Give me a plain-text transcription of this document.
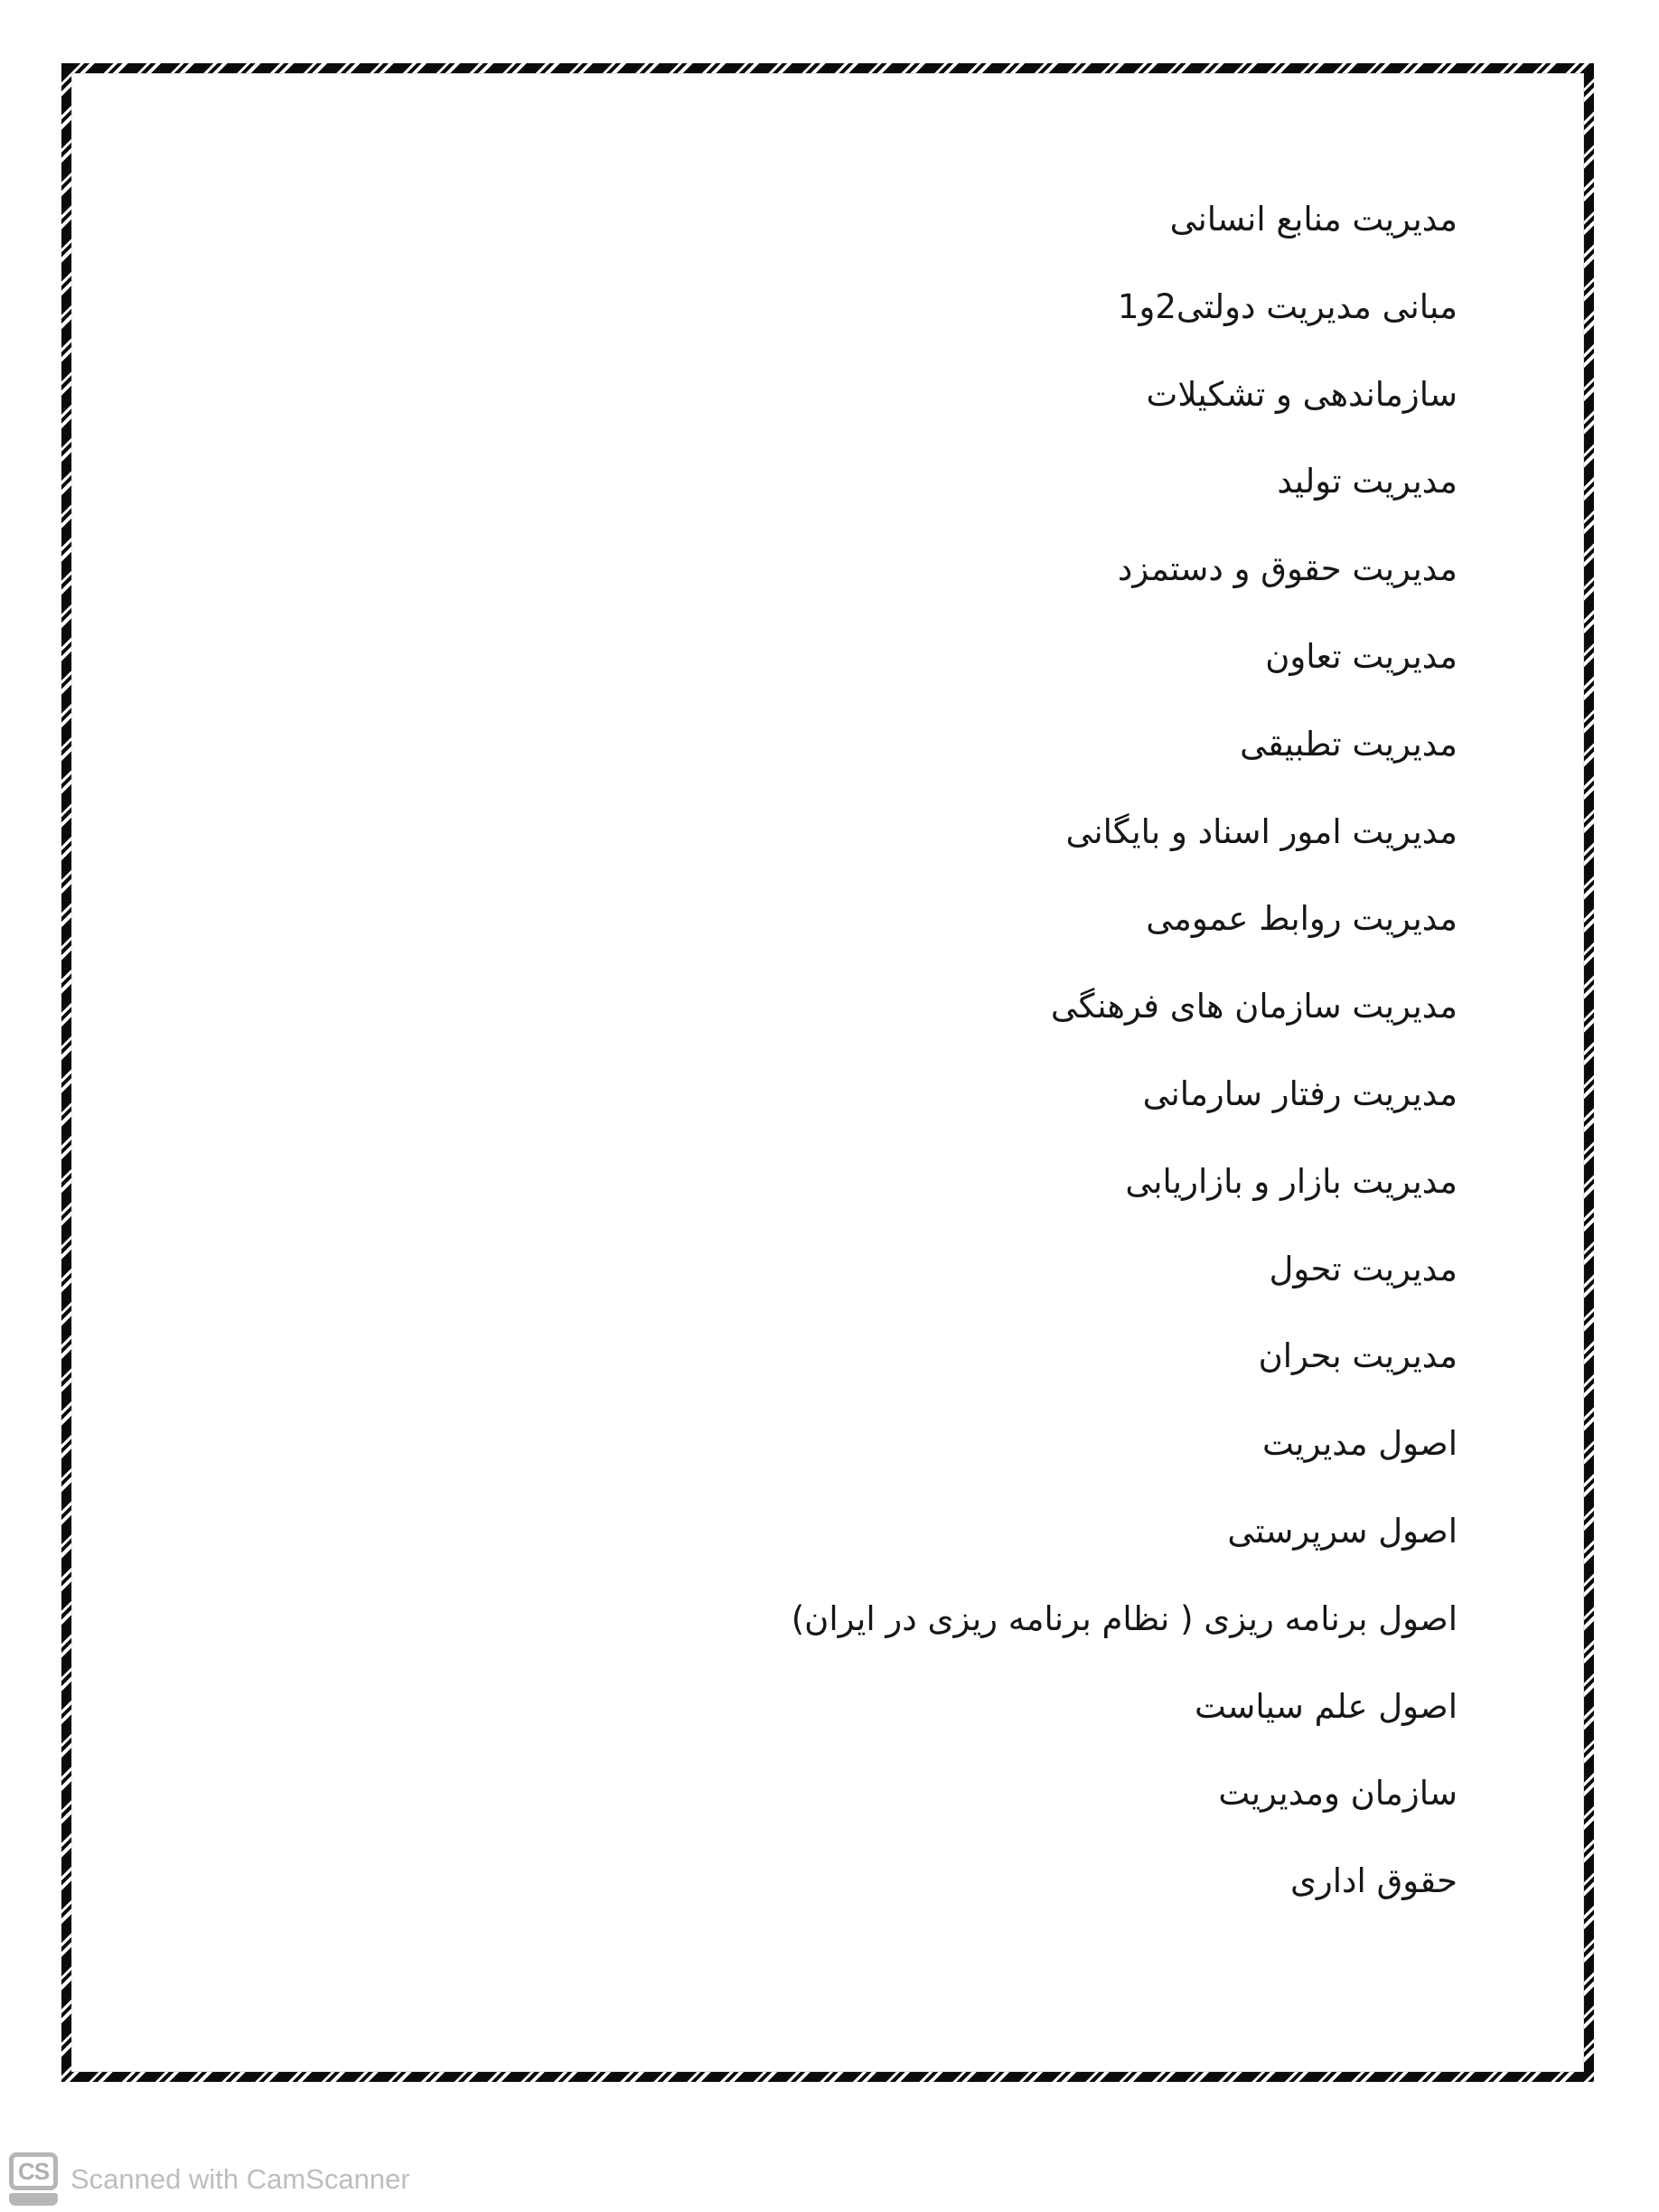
مدیریت منابع انسانی
مبانی مدیریت دولتی2و1
سازماندهی و تشکیلات
مدیریت تولید
مدیریت حقوق و دستمزد
مدیریت تعاون
مدیریت تطبیقی
مدیریت امور اسناد و بایگانی
مدیریت روابط عمومی
مدیریت سازمان های فرهنگی
مدیریت رفتار سارمانی
مدیریت بازار و بازاریابی
مدیریت تحول
مدیریت بحران
اصول مدیریت
اصول سرپرستی
اصول برنامه ریزی ( نظام برنامه ریزی در ایران)
اصول علم سیاست
سازمان ومدیریت
حقوق اداری
CS Scanned with CamScanner
